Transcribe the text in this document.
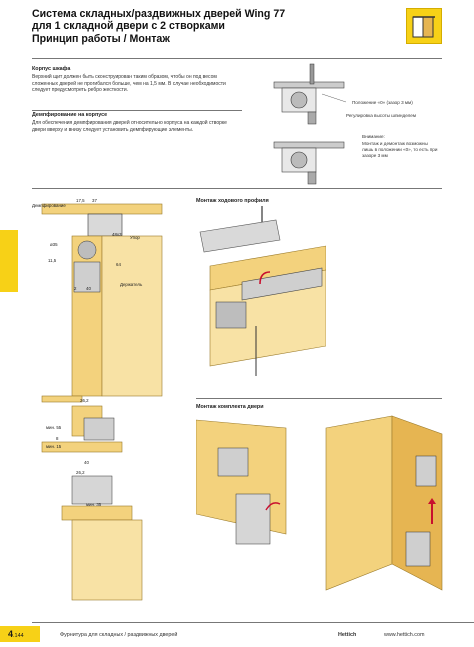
Система складных/раздвижных дверей Wing 77
для 1 складной двери с 2 створками
Принцип работы / Монтаж
Корпус шкафа
Верхний щит должен быть сконструирован таким образом, чтобы он под весом сложенных дверей не прогибался больше, чем на 1,5 мм. В случае необходимости следует предусмотреть ребро жесткости.
Демпфирование на корпусе
Для обеспечения демпфирования дверей относительно корпуса на каждой створке двери вверху и внизу следует установить демпфирующие элементы.
Положение «0» (зазор 3 мм)
Регулировка высоты шпинделем
Внимание:
Монтаж и демонтаж возможны лишь в положении «0», то есть при зазоре 3 мм
Демпфирование
17,5 37
Упор
ø35
48х3
11,5
64
Держатель
2 40
26,2
мин. 55
8
мин. 15
40
26,2
мин. 35
Монтаж ходового профиля
Монтаж комплекта двери
4.144	Фурнитура для складных / раздвижных дверей	Hettich	www.hettich.com
